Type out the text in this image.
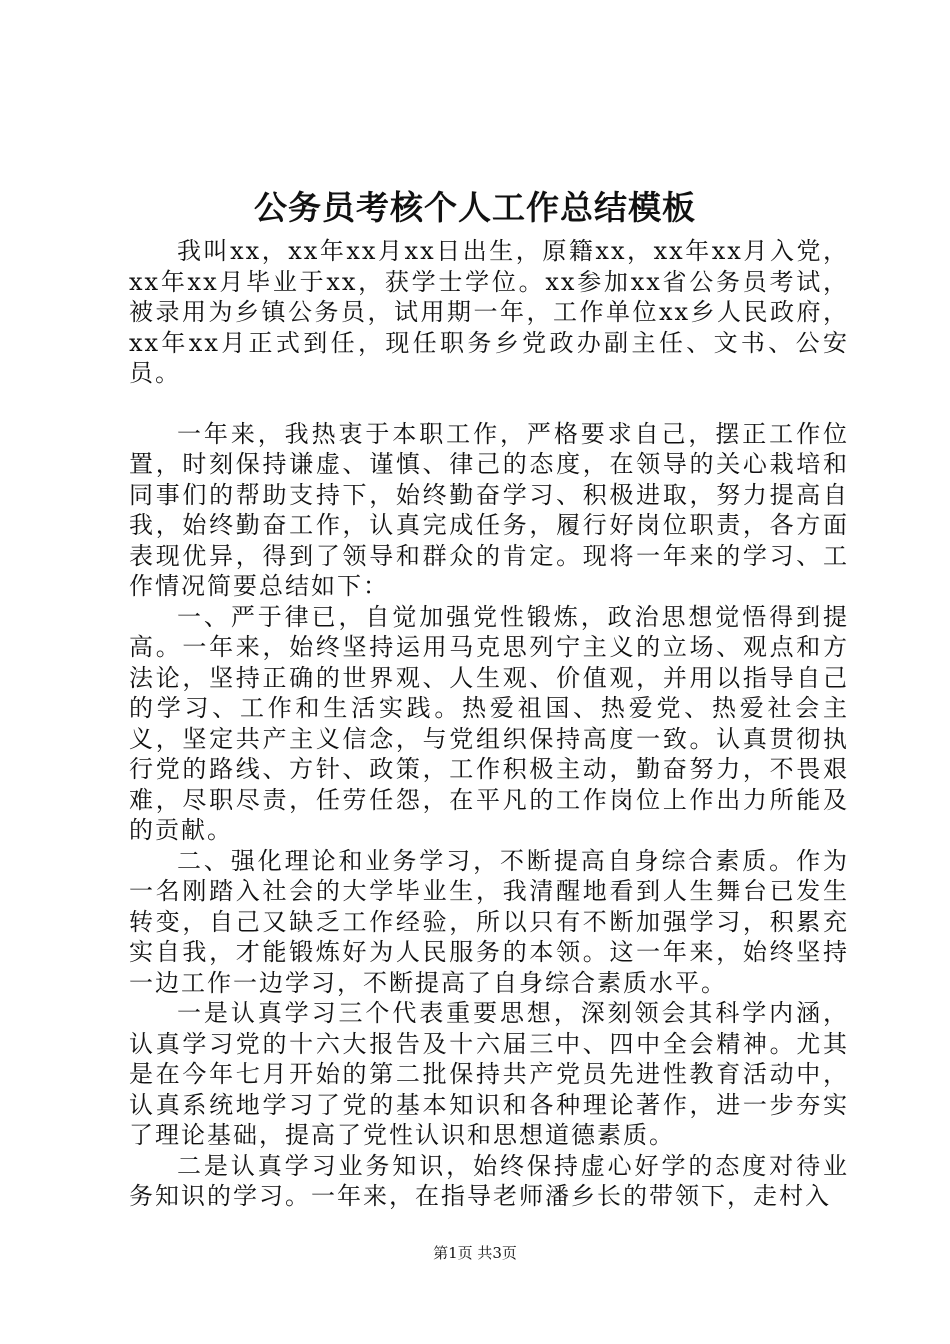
公务员考核个人工作总结模板

我叫xx，xx年xx月xx日出生，原籍xx，xx年xx月入党，xx年xx月毕业于xx，获学士学位。xx参加xx省公务员考试，被录用为乡镇公务员，试用期一年，工作单位xx乡人民政府，xx年xx月正式到任，现任职务乡党政办副主任、文书、公安员。

一年来，我热衷于本职工作，严格要求自己，摆正工作位置，时刻保持谦虚、谨慎、律己的态度，在领导的关心栽培和同事们的帮助支持下，始终勤奋学习、积极进取，努力提高自我，始终勤奋工作，认真完成任务，履行好岗位职责，各方面表现优异，得到了领导和群众的肯定。现将一年来的学习、工作情况简要总结如下：

一、严于律已，自觉加强党性锻炼，政治思想觉悟得到提高。一年来，始终坚持运用马克思列宁主义的立场、观点和方法论，坚持正确的世界观、人生观、价值观，并用以指导自己的学习、工作和生活实践。热爱祖国、热爱党、热爱社会主义，坚定共产主义信念，与党组织保持高度一致。认真贯彻执行党的路线、方针、政策，工作积极主动，勤奋努力，不畏艰难，尽职尽责，任劳任怨，在平凡的工作岗位上作出力所能及的贡献。

二、强化理论和业务学习，不断提高自身综合素质。作为一名刚踏入社会的大学毕业生，我清醒地看到人生舞台已发生转变，自己又缺乏工作经验，所以只有不断加强学习，积累充实自我，才能锻炼好为人民服务的本领。这一年来，始终坚持一边工作一边学习，不断提高了自身综合素质水平。

一是认真学习三个代表重要思想，深刻领会其科学内涵，认真学习党的十六大报告及十六届三中、四中全会精神。尤其是在今年七月开始的第二批保持共产党员先进性教育活动中，认真系统地学习了党的基本知识和各种理论著作，进一步夯实了理论基础，提高了党性认识和思想道德素质。

二是认真学习业务知识，始终保持虚心好学的态度对待业务知识的学习。一年来，在指导老师潘乡长的带领下，走村入

第1页 共3页
